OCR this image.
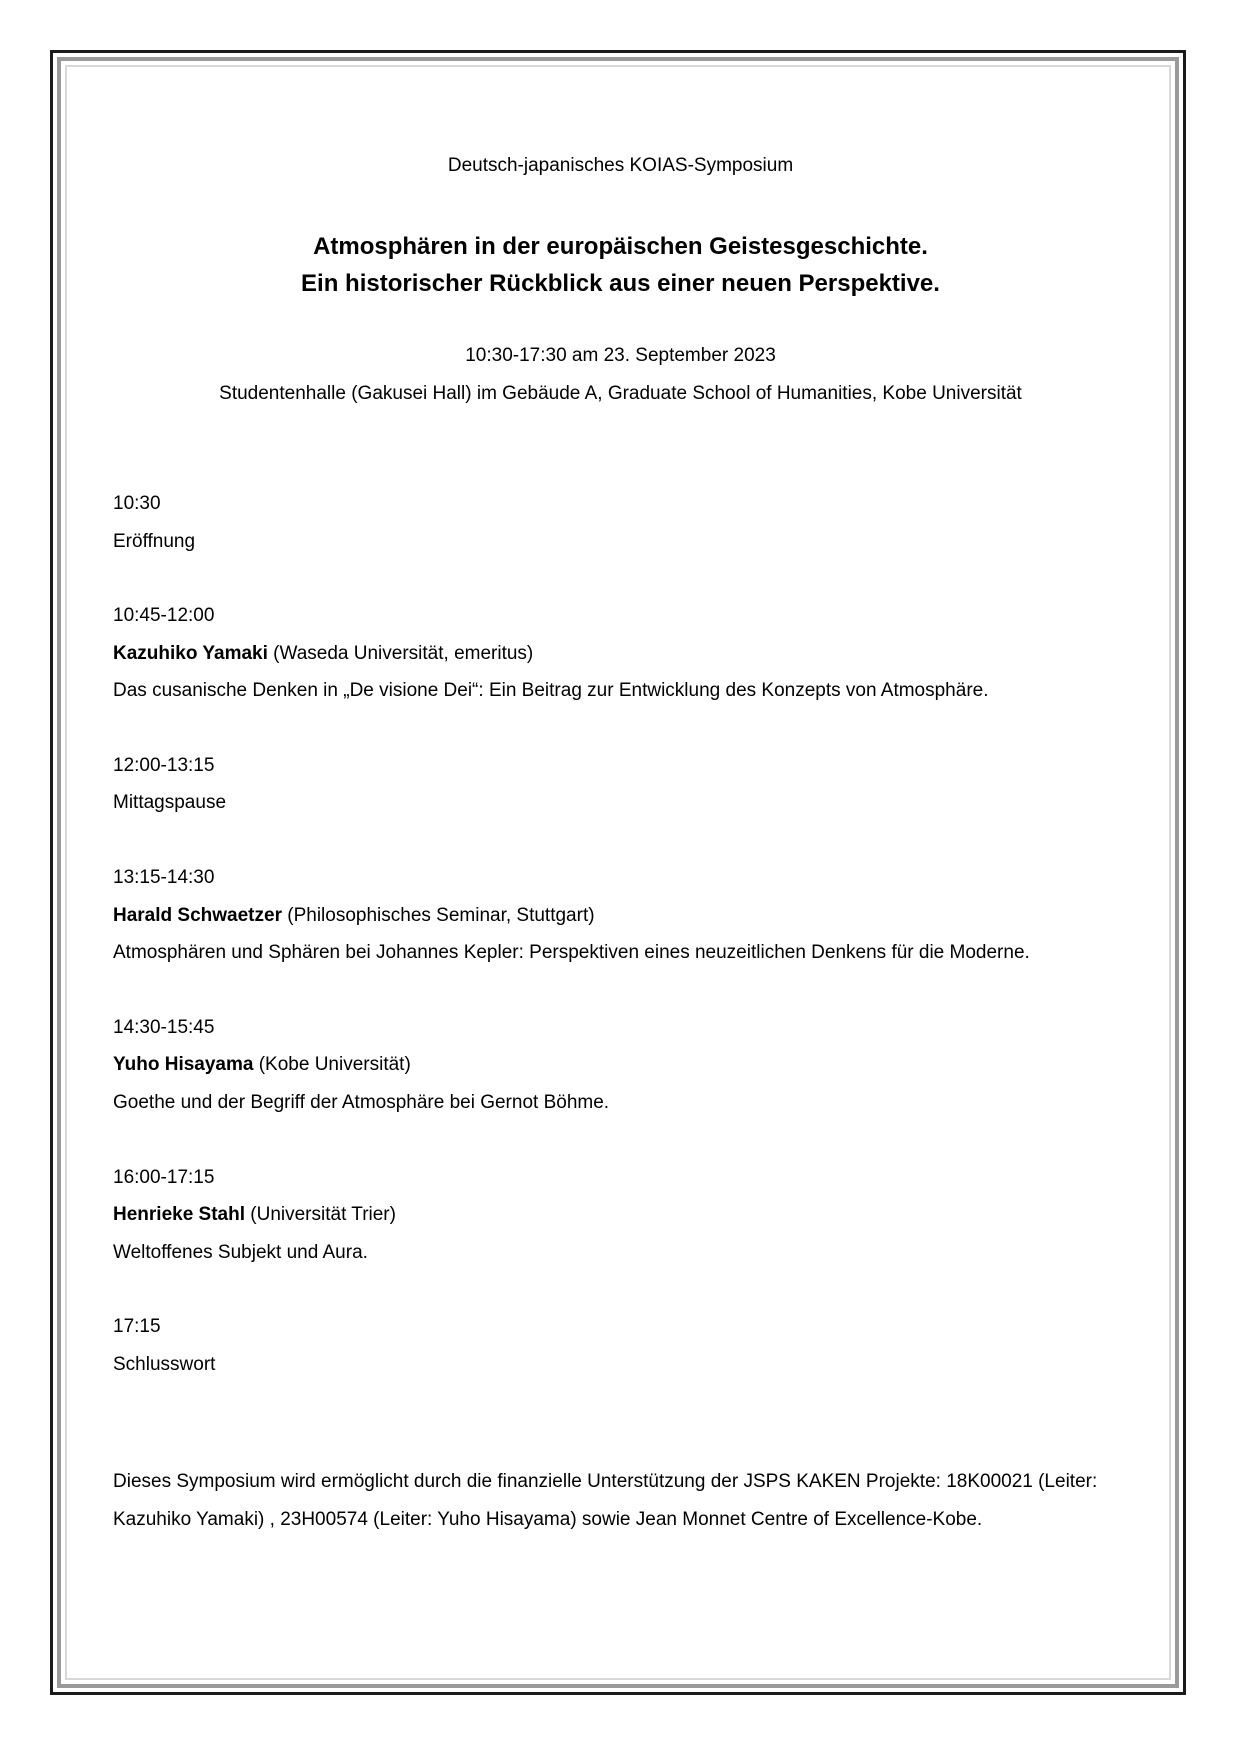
Deutsch-japanisches KOIAS-Symposium
Atmosphären in der europäischen Geistesgeschichte.
Ein historischer Rückblick aus einer neuen Perspektive.
10:30-17:30 am 23. September 2023
Studentenhalle (Gakusei Hall) im Gebäude A, Graduate School of Humanities, Kobe Universität
10:30
Eröffnung
10:45-12:00
Kazuhiko Yamaki (Waseda Universität, emeritus)
Das cusanische Denken in „De visione Dei“: Ein Beitrag zur Entwicklung des Konzepts von Atmosphäre.
12:00-13:15
Mittagspause
13:15-14:30
Harald Schwaetzer (Philosophisches Seminar, Stuttgart)
Atmosphären und Sphären bei Johannes Kepler: Perspektiven eines neuzeitlichen Denkens für die Moderne.
14:30-15:45
Yuho Hisayama (Kobe Universität)
Goethe und der Begriff der Atmosphäre bei Gernot Böhme.
16:00-17:15
Henrieke Stahl (Universität Trier)
Weltoffenes Subjekt und Aura.
17:15
Schlusswort
Dieses Symposium wird ermöglicht durch die finanzielle Unterstützung der JSPS KAKEN Projekte: 18K00021 (Leiter: Kazuhiko Yamaki) , 23H00574 (Leiter: Yuho Hisayama) sowie Jean Monnet Centre of Excellence-Kobe.
